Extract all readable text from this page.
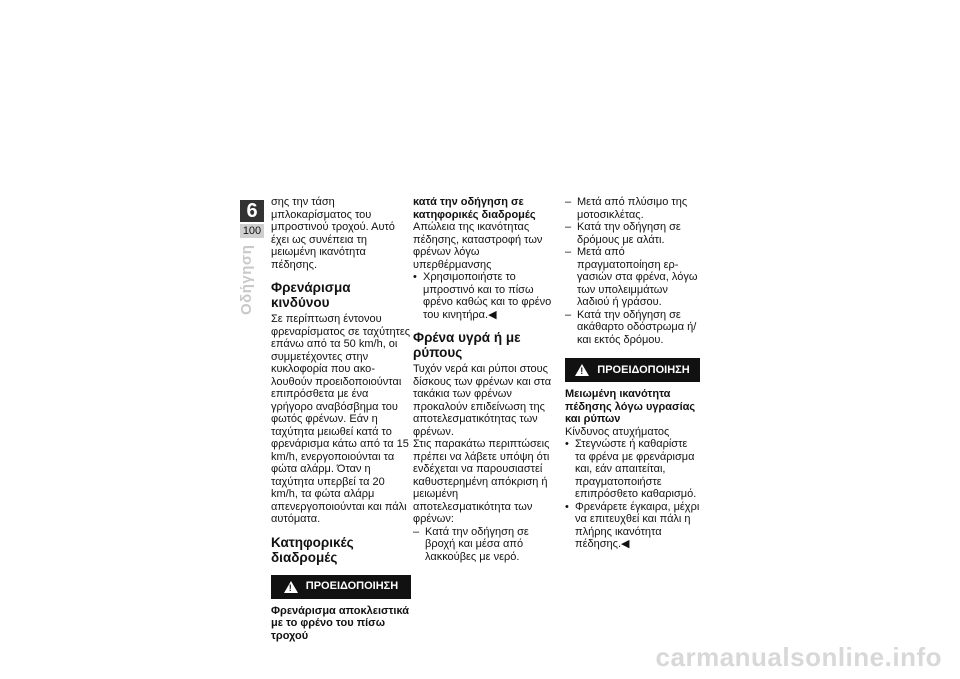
6
100
Οδήγηση

σης την τάση μπλοκαρίσματος του μπροστινού τροχού. Αυτό έχει ως συνέπεια τη μειωμένη ικανότητα πέδησης.

Φρενάρισμα κινδύνου

Σε περίπτωση έντονου φρεναρίσματος σε ταχύτητες επάνω από τα 50 km/h, οι συμμετέχοντες στην κυκλοφορία που ακολουθούν προειδοποιούνται επιπρόσθετα με ένα γρήγορο αναβόσβημα του φωτός φρένων. Εάν η ταχύτητα μειωθεί κατά το φρενάρισμα κάτω από τα 15 km/h, ενεργοποιούνται τα φώτα αλάρμ. Όταν η ταχύτητα υπερβεί τα 20 km/h, τα φώτα αλάρμ απενεργοποιούνται και πάλι αυτόματα.

Κατηφορικές διαδρομές
! ΠΡΟΕΙΔΟΠΟΙΗΣΗ
Φρενάρισμα αποκλειστικά με το φρένο του πίσω τροχού
κατά την οδήγηση σε κατηφορικές διαδρομές

Απώλεια της ικανότητας πέδησης, καταστροφή των φρένων λόγω υπερθέρμανσης

• Χρησιμοποιήστε το μπροστινό και το πίσω φρένο καθώς και το φρένο του κινητήρα.◀

Φρένα υγρά ή με ρύπους

Τυχόν νερά και ρύποι στους δίσκους των φρένων και στα τακάκια των φρένων προκαλούν επιδείνωση της αποτελεσματικότητας των φρένων.

Στις παρακάτω περιπτώσεις πρέπει να λάβετε υπόψη ότι ενδέχεται να παρουσιαστεί καθυστερημένη απόκριση ή μειωμένη αποτελεσματικότητα των φρένων:

– Κατά την οδήγηση σε βροχή και μέσα από λακκούβες με νερό.

– Μετά από πλύσιμο της μοτοσικλέτας.

– Κατά την οδήγηση σε δρόμους με αλάτι.

– Μετά από πραγματοποίηση εργασιών στα φρένα, λόγω των υπολειμμάτων λαδιού ή γράσου.

– Κατά την οδήγηση σε ακάθαρτο οδόστρωμα ή/και εκτός δρόμου.

! ΠΡΟΕΙΔΟΠΟΙΗΣΗ
Μειωμένη ικανότητα πέδησης λόγω υγρασίας και ρύπων

Κίνδυνος ατυχήματος

• Στεγνώστε ή καθαρίστε τα φρένα με φρενάρισμα και, εάν απαιτείται, πραγματοποιήστε επιπρόσθετο καθαρισμό.

• Φρενάρετε έγκαιρα, μέχρι να επιτευχθεί και πάλι η πλήρης ικανότητα πέδησης.◀

carmanualsonline.info
